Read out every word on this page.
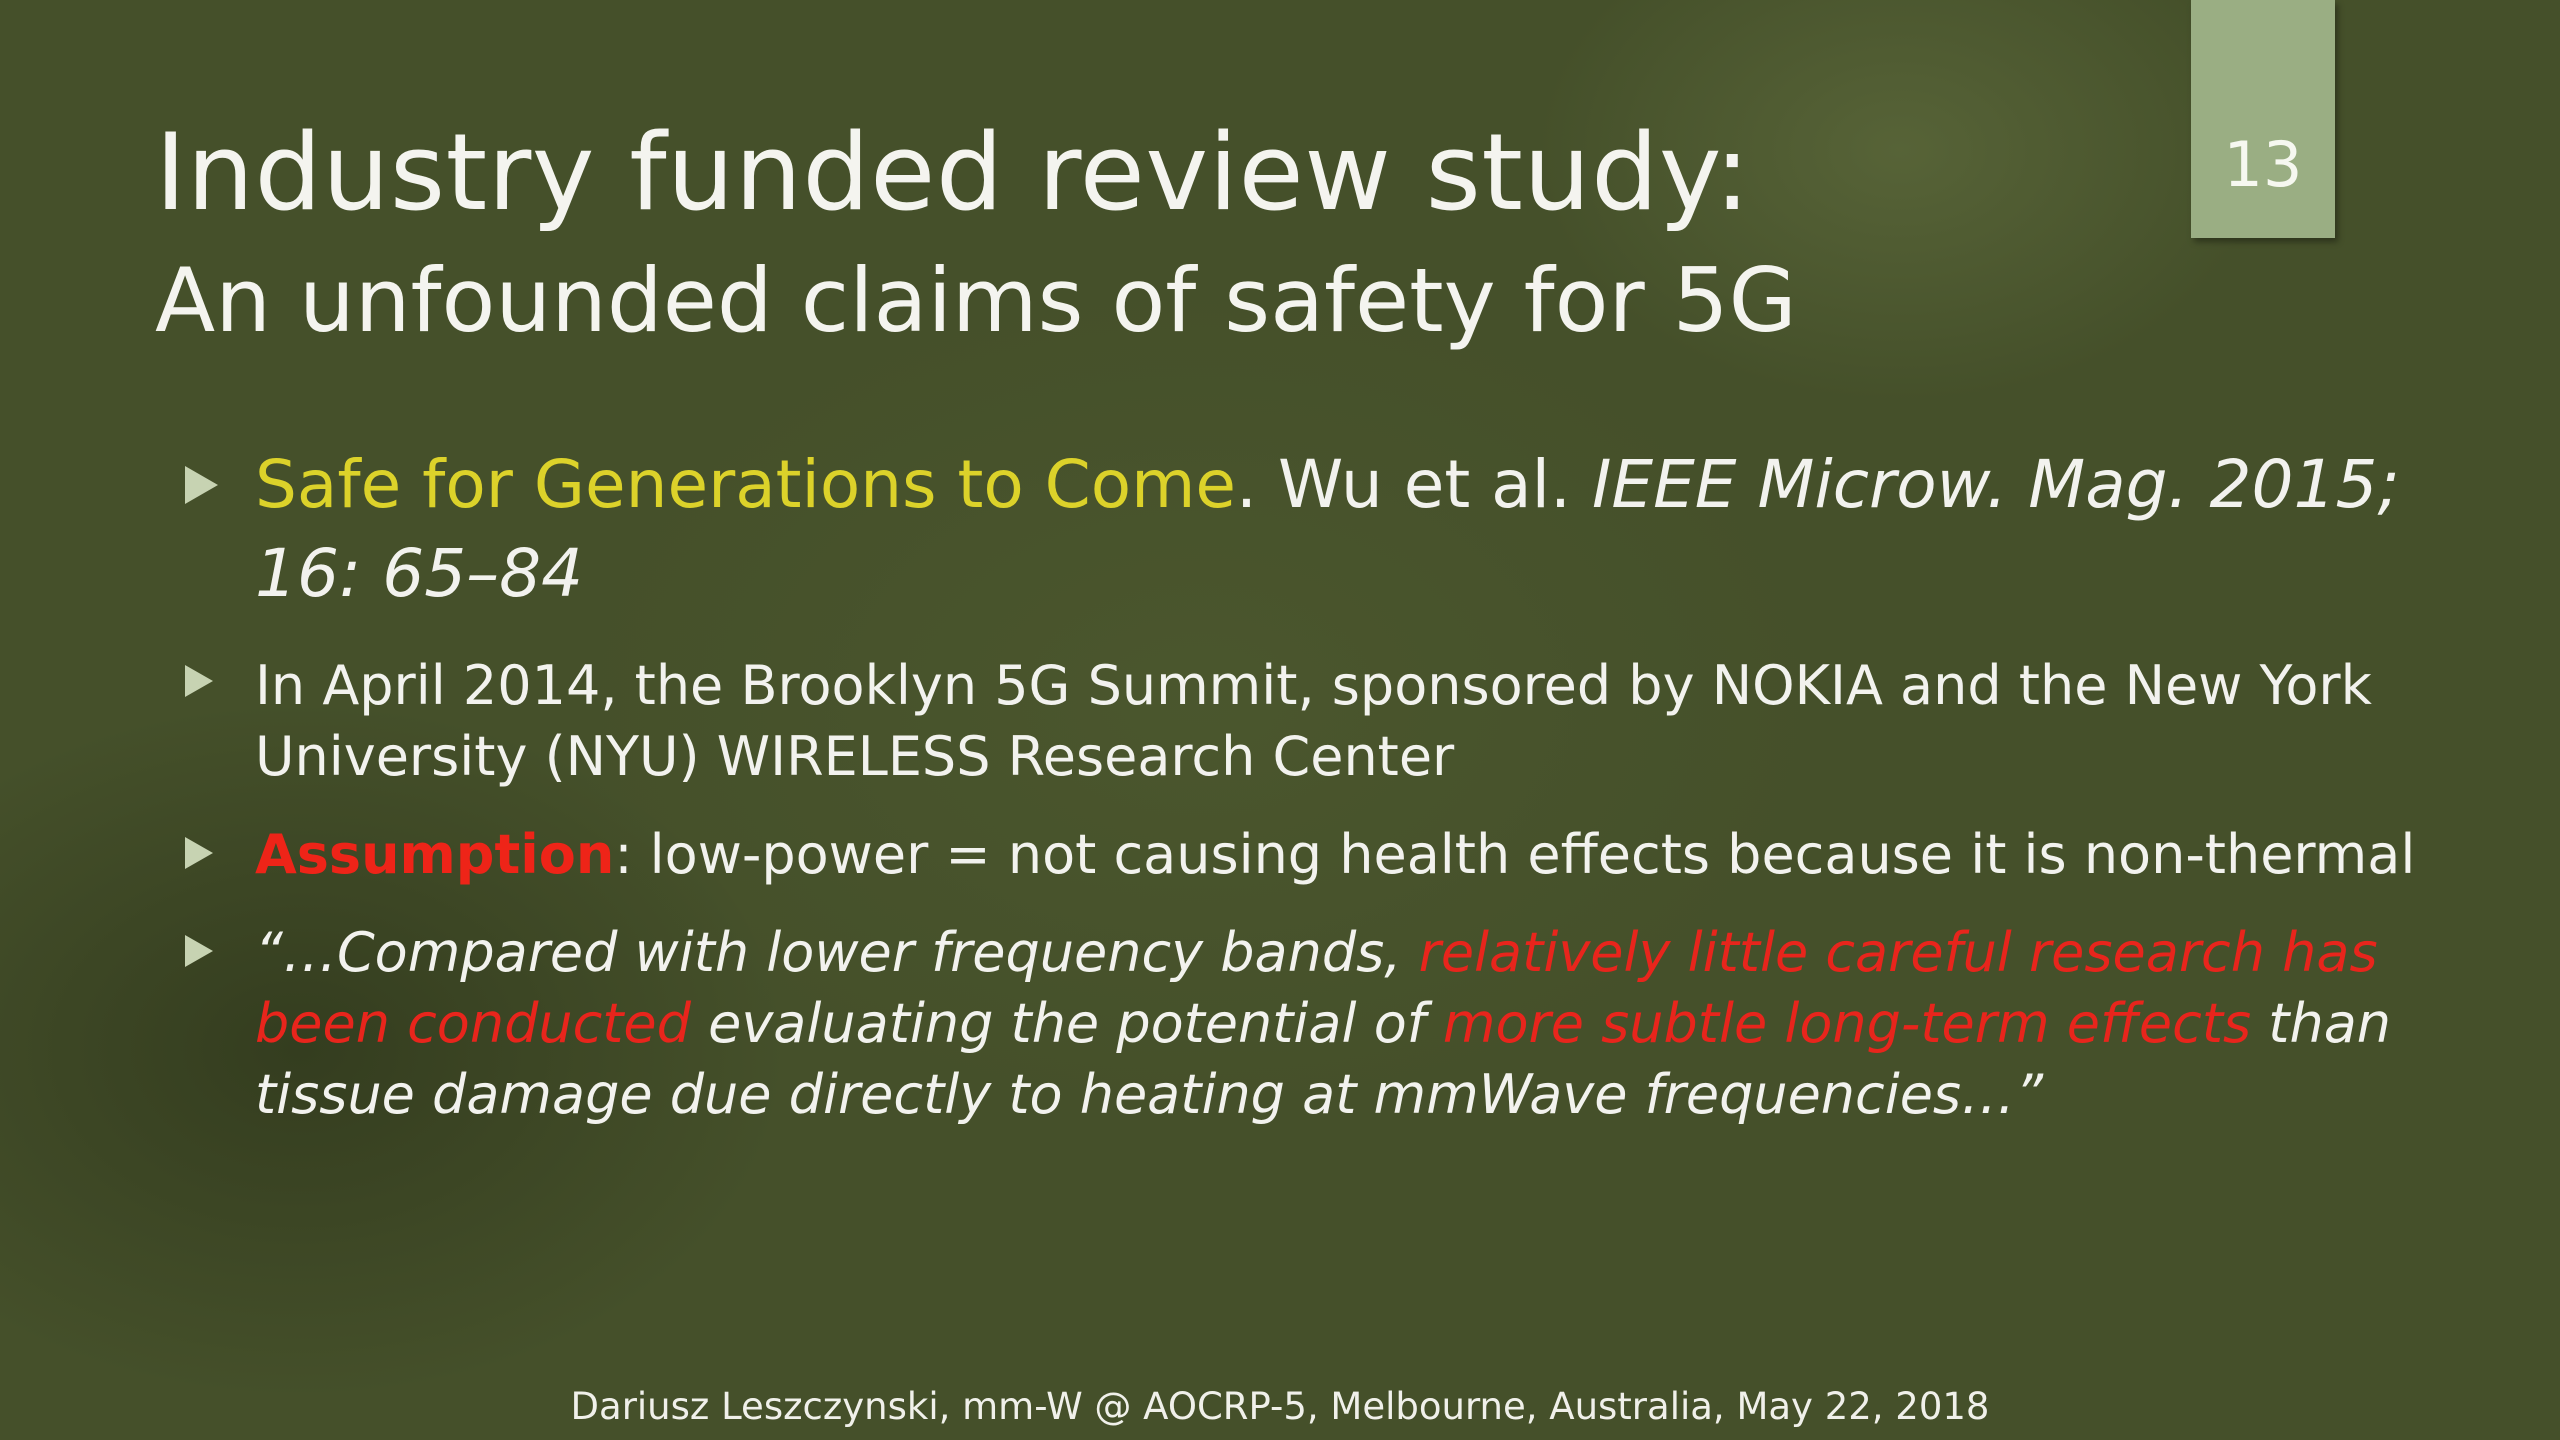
13
Industry funded review study:
An unfounded claims of safety for 5G
Safe for Generations to Come. Wu et al. IEEE Microw. Mag. 2015; 16: 65–84
In April 2014, the Brooklyn 5G Summit, sponsored by NOKIA and the New York University (NYU) WIRELESS Research Center
Assumption: low-power = not causing health effects because it is non-thermal
“…Compared with lower frequency bands, relatively little careful research has been conducted evaluating the potential of more subtle long-term effects than tissue damage due directly to heating at mmWave frequencies…”
Dariusz Leszczynski, mm-W @ AOCRP-5, Melbourne, Australia, May 22, 2018
